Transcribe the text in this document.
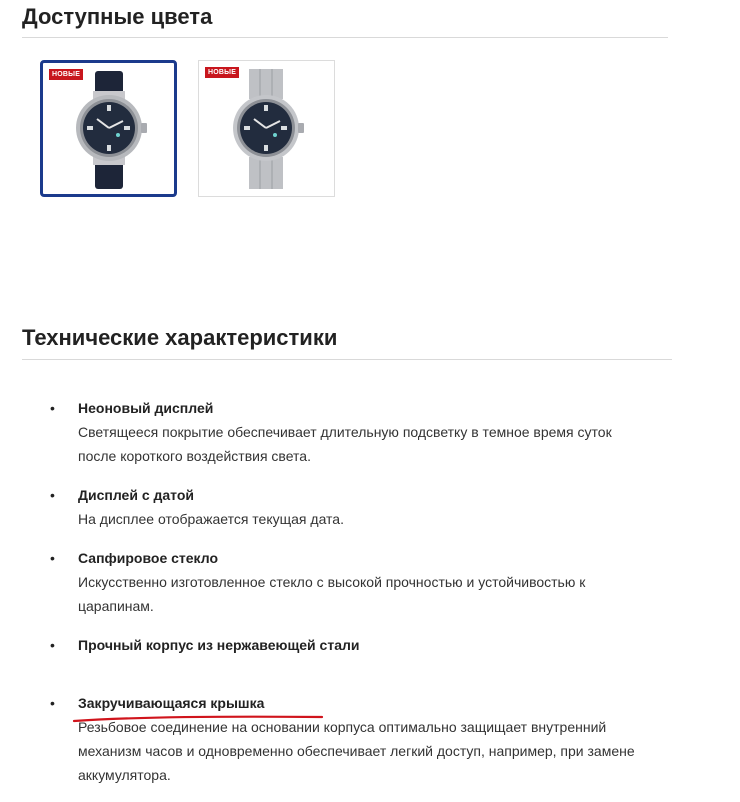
Доступные цвета
НОВЫЕ	НОВЫЕ
Технические характеристики
• Неоновый дисплей
Светящееся покрытие обеспечивает длительную подсветку в темное время суток после короткого воздействия света.
• Дисплей с датой
На дисплее отображается текущая дата.
• Сапфировое стекло
Искусственно изготовленное стекло с высокой прочностью и устойчивостью к царапинам.
• Прочный корпус из нержавеющей стали
• Закручивающаяся крышка
Резьбовое соединение на основании корпуса оптимально защищает внутренний механизм часов и одновременно обеспечивает легкий доступ, например, при замене аккумулятора.
